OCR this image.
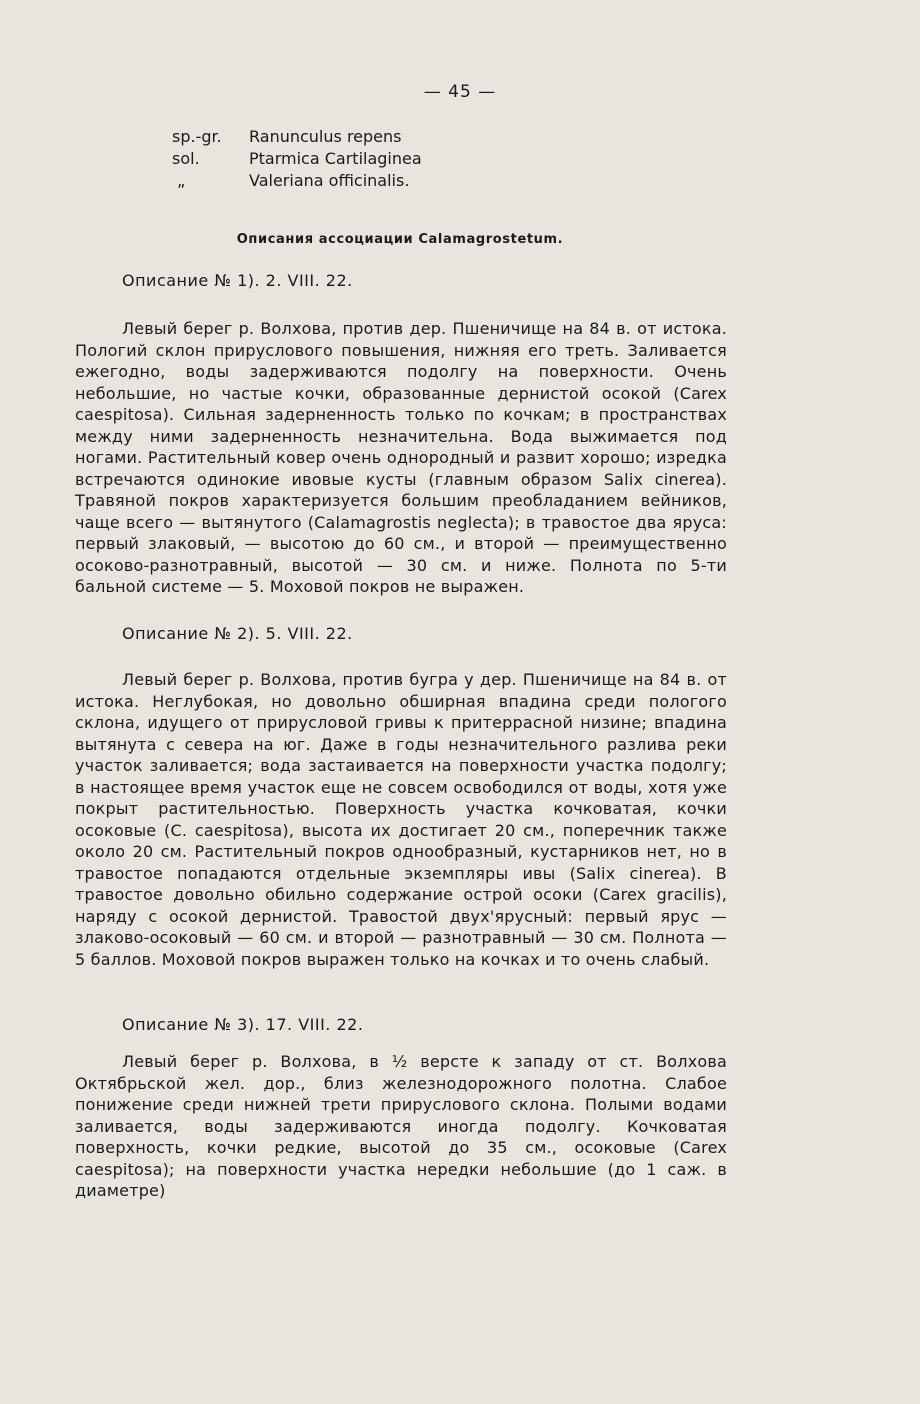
— 45 —
sp.-gr.	Ranunculus repens
sol.	Ptarmica Cartilaginea
„	Valeriana officinalis.
Описания ассоциации Calamagrostetum.
Описание № 1). 2. VIII. 22.

Левый берег р. Волхова, против дер. Пшеничище на 84 в. от истока. Пологий склон прируслового повышения, нижняя его треть. Заливается ежегодно, воды задерживаются подолгу на поверхности. Очень небольшие, но частые кочки, образованные дернистой осокой (Carex caespitosa). Сильная задерненность только по кочкам; в пространствах между ними задерненность незначительна. Вода выжимается под ногами. Растительный ковер очень однородный и развит хорошо; изредка встречаются одинокие ивовые кусты (главным образом Salix cinerea). Травяной покров характеризуется большим преобладанием вейников, чаще всего — вытянутого (Calamagrostis neglecta); в травостое два яруса: первый злаковый, — высотою до 60 см., и второй — преимущественно осоково-разнотравный, высотой — 30 см. и ниже. Полнота по 5-ти бальной системе — 5. Моховой покров не выражен.

Описание № 2). 5. VIII. 22.

Левый берег р. Волхова, против бугра у дер. Пшеничище на 84 в. от истока. Неглубокая, но довольно обширная впадина среди пологого склона, идущего от прирусловой гривы к притеррасной низине; впадина вытянута с севера на юг. Даже в годы незначительного разлива реки участок заливается; вода застаивается на поверхности участка подолгу; в настоящее время участок еще не совсем освободился от воды, хотя уже покрыт растительностью. Поверхность участка кочковатая, кочки осоковые (C. caespitosa), высота их достигает 20 см., поперечник также около 20 см. Растительный покров однообразный, кустарников нет, но в травостое попадаются отдельные экземпляры ивы (Salix cinerea). В травостое довольно обильно содержание острой осоки (Carex gracilis), наряду с осокой дернистой. Травостой двух'ярусный: первый ярус — злаково-осоковый — 60 см. и второй — разнотравный — 30 см. Полнота — 5 баллов. Моховой покров выражен только на кочках и то очень слабый.

Описание № 3). 17. VIII. 22.

Левый берег р. Волхова, в ½ версте к западу от ст. Волхова Октябрьской жел. дор., близ железнодорожного полотна. Слабое понижение среди нижней трети прируслового склона. Полыми водами заливается, воды задерживаются иногда подолгу. Кочковатая поверхность, кочки редкие, высотой до 35 см., осоковые (Carex caespitosa); на поверхности участка нередки небольшие (до 1 саж. в диаметре)
